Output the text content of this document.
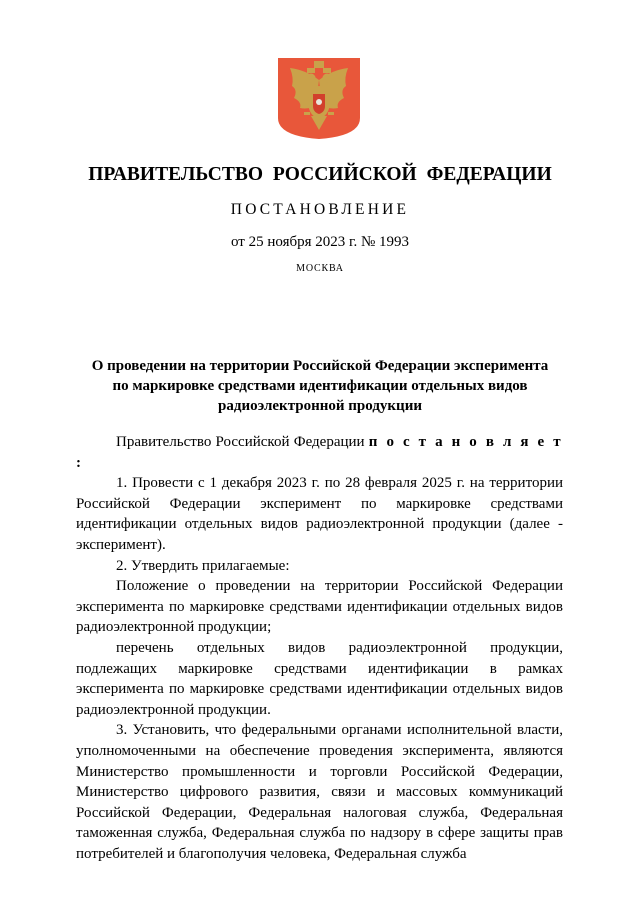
ПРАВИТЕЛЬСТВО РОССИЙСКОЙ ФЕДЕРАЦИИ
ПОСТАНОВЛЕНИЕ
от 25 ноября 2023 г. № 1993
МОСКВА
О проведении на территории Российской Федерации эксперимента
по маркировке средствами идентификации отдельных видов
радиоэлектронной продукции

Правительство Российской Федерации п о с т а н о в л я е т :

1. Провести с 1 декабря 2023 г. по 28 февраля 2025 г. на территории Российской Федерации эксперимент по маркировке средствами идентификации отдельных видов радиоэлектронной продукции (далее - эксперимент).

2. Утвердить прилагаемые:

Положение о проведении на территории Российской Федерации эксперимента по маркировке средствами идентификации отдельных видов радиоэлектронной продукции;

перечень отдельных видов радиоэлектронной продукции, подлежащих маркировке средствами идентификации в рамках эксперимента по маркировке средствами идентификации отдельных видов радиоэлектронной продукции.

3. Установить, что федеральными органами исполнительной власти, уполномоченными на обеспечение проведения эксперимента, являются Министерство промышленности и торговли Российской Федерации, Министерство цифрового развития, связи и массовых коммуникаций Российской Федерации, Федеральная налоговая служба, Федеральная таможенная служба, Федеральная служба по надзору в сфере защиты прав потребителей и благополучия человека, Федеральная служба
